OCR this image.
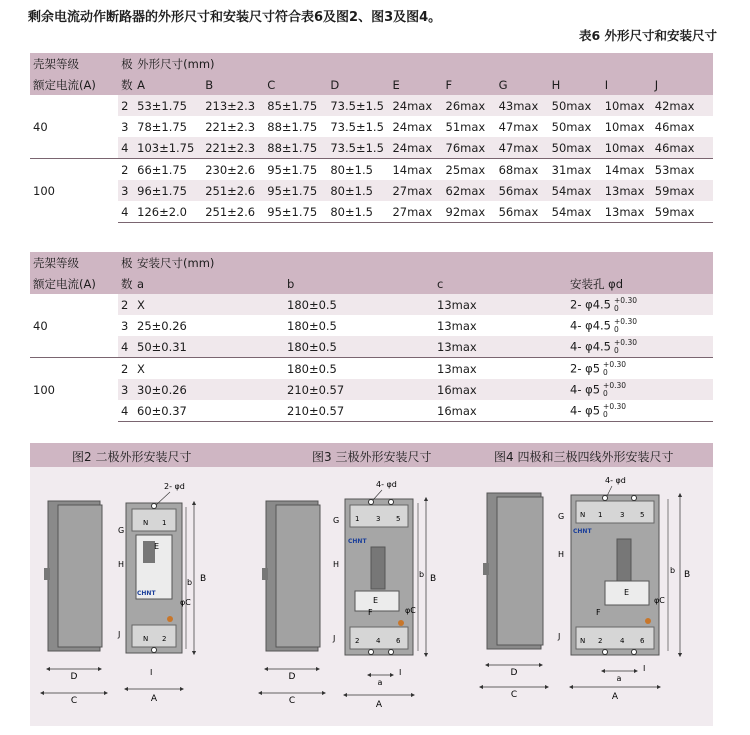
剩余电流动作断路器的外形尺寸和安装尺寸符合表6及图2、图3及图4。
表6 外形尺寸和安装尺寸
壳架等级	极	外形尺寸(mm)									
额定电流(A)	数	A	B	C	D	E	F	G	H	I	J
40	2	53±1.75	213±2.3	85±1.75	73.5±1.5	24max	26max	43max	50max	10max	42max
	3	78±1.75	221±2.3	88±1.75	73.5±1.5	24max	51max	47max	50max	10max	46max
	4	103±1.75	221±2.3	88±1.75	73.5±1.5	24max	76max	47max	50max	10max	46max
100	2	66±1.75	230±2.6	95±1.75	80±1.5	14max	25max	68max	31max	14max	53max
	3	96±1.75	251±2.6	95±1.75	80±1.5	27max	62max	56max	54max	13max	59max
	4	126±2.0	251±2.6	95±1.75	80±1.5	27max	92max	56max	54max	13max	59max
壳架等级	极	安装尺寸(mm)			
额定电流(A)	数	a	b	c	安装孔 φd
40	2	X	180±0.5	13max	2- φ4.5 +0.30
0
	3	25±0.26	180±0.5	13max	4- φ4.5 +0.30
0
	4	50±0.31	180±0.5	13max	4- φ4.5 +0.30
0
100	2	X	180±0.5	13max	2- φ5 +0.30
0
	3	30±0.26	210±0.57	16max	4- φ5 +0.30
0
	4	60±0.37	210±0.57	16max	4- φ5 +0.30
0
图2 二极外形安装尺寸	图3 三极外形安装尺寸	图4 四极和三极四线外形安装尺寸
D
C
CHNT
N 1
N 2
2- φd
A
B
b
G
H
J
E
φC
I	D
C
CHNT
1 3 5
2 4 6
4- φd
a
A
B
b
G
H
J
E
F	φC
I	D
C
CHNT
N 1	3 5
N 2	4 6
4- φd
a
A
B
b
G
H
J
E
F
φC
I
